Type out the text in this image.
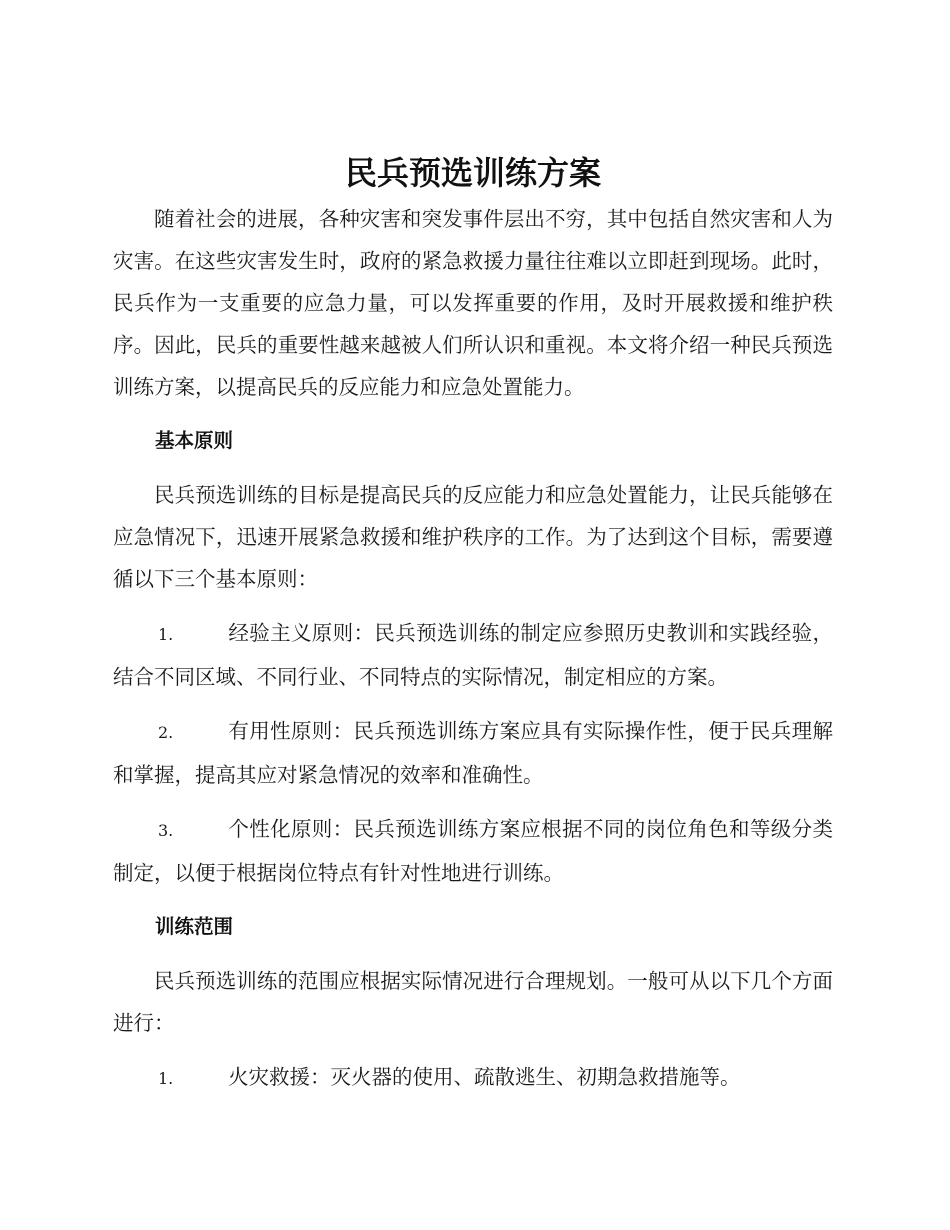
民兵预选训练方案

随着社会的进展，各种灾害和突发事件层出不穷，其中包括自然灾害和人为灾害。在这些灾害发生时，政府的紧急救援力量往往难以立即赶到现场。此时，民兵作为一支重要的应急力量，可以发挥重要的作用，及时开展救援和维护秩序。因此，民兵的重要性越来越被人们所认识和重视。本文将介绍一种民兵预选训练方案，以提高民兵的反应能力和应急处置能力。

基本原则

民兵预选训练的目标是提高民兵的反应能力和应急处置能力，让民兵能够在应急情况下，迅速开展紧急救援和维护秩序的工作。为了达到这个目标，需要遵循以下三个基本原则：

1.	经验主义原则：民兵预选训练的制定应参照历史教训和实践经验，结合不同区域、不同行业、不同特点的实际情况，制定相应的方案。

2.	有用性原则：民兵预选训练方案应具有实际操作性，便于民兵理解和掌握，提高其应对紧急情况的效率和准确性。

3.	个性化原则：民兵预选训练方案应根据不同的岗位角色和等级分类制定，以便于根据岗位特点有针对性地进行训练。

训练范围

民兵预选训练的范围应根据实际情况进行合理规划。一般可从以下几个方面进行：

1.	火灾救援：灭火器的使用、疏散逃生、初期急救措施等。
